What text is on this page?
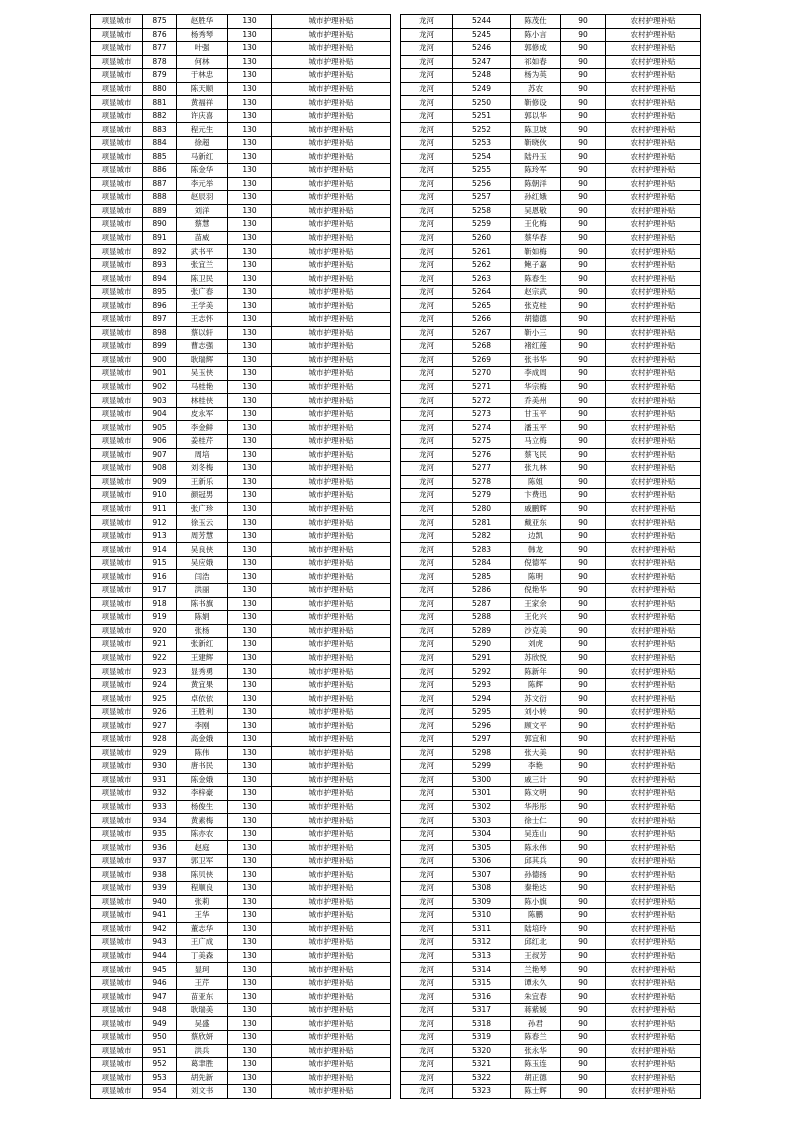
项显城市	875	赵胜华	130	城市护理补贴
项显城市	876	杨秀琴	130	城市护理补贴
项显城市	877	叶强	130	城市护理补贴
项显城市	878	何林	130	城市护理补贴
项显城市	879	于林忠	130	城市护理补贴
项显城市	880	陈天顺	130	城市护理补贴
项显城市	881	黄福祥	130	城市护理补贴
项显城市	882	许庆喜	130	城市护理补贴
项显城市	883	程元生	130	城市护理补贴
项显城市	884	徐超	130	城市护理补贴
项显城市	885	马新红	130	城市护理补贴
项显城市	886	陈金华	130	城市护理补贴
项显城市	887	李元举	130	城市护理补贴
项显城市	888	赵辰羽	130	城市护理补贴
项显城市	889	刘洋	130	城市护理补贴
项显城市	890	蔡慧	130	城市护理补贴
项显城市	891	苗威	130	城市护理补贴
项显城市	892	武书平	130	城市护理补贴
项显城市	893	张宜兰	130	城市护理补贴
项显城市	894	陈卫民	130	城市护理补贴
项显城市	895	张广春	130	城市护理补贴
项显城市	896	王学美	130	城市护理补贴
项显城市	897	王志怀	130	城市护理补贴
项显城市	898	蔡以轩	130	城市护理补贴
项显城市	899	曹志强	130	城市护理补贴
项显城市	900	耿瑞辉	130	城市护理补贴
项显城市	901	吴玉侠	130	城市护理补贴
项显城市	902	马桂艳	130	城市护理补贴
项显城市	903	林桂侠	130	城市护理补贴
项显城市	904	皮永军	130	城市护理补贴
项显城市	905	李金鲜	130	城市护理补贴
项显城市	906	姜桂芹	130	城市护理补贴
项显城市	907	周培	130	城市护理补贴
项显城市	908	刘冬梅	130	城市护理补贴
项显城市	909	王新乐	130	城市护理补贴
项显城市	910	颜冠男	130	城市护理补贴
项显城市	911	张广珍	130	城市护理补贴
项显城市	912	徐玉云	130	城市护理补贴
项显城市	913	周芳慧	130	城市护理补贴
项显城市	914	吴良侠	130	城市护理补贴
项显城市	915	吴应娥	130	城市护理补贴
项显城市	916	闫浩	130	城市护理补贴
项显城市	917	洪丽	130	城市护理补贴
项显城市	918	陈书旗	130	城市护理补贴
项显城市	919	陈娟	130	城市护理补贴
项显城市	920	张杨	130	城市护理补贴
项显城市	921	张新红	130	城市护理补贴
项显城市	922	王建辉	130	城市护理补贴
项显城市	923	显秀勇	130	城市护理补贴
项显城市	924	黄宜果	130	城市护理补贴
项显城市	925	卓依依	130	城市护理补贴
项显城市	926	王胜利	130	城市护理补贴
项显城市	927	李刚	130	城市护理补贴
项显城市	928	高金娥	130	城市护理补贴
项显城市	929	陈伟	130	城市护理补贴
项显城市	930	唐书民	130	城市护理补贴
项显城市	931	陈金娥	130	城市护理补贴
项显城市	932	李梓豪	130	城市护理补贴
项显城市	933	杨俊生	130	城市护理补贴
项显城市	934	黄素梅	130	城市护理补贴
项显城市	935	陈亦农	130	城市护理补贴
项显城市	936	赵庭	130	城市护理补贴
项显城市	937	郭卫军	130	城市护理补贴
项显城市	938	陈贝侠	130	城市护理补贴
项显城市	939	程顺良	130	城市护理补贴
项显城市	940	张莉	130	城市护理补贴
项显城市	941	王华	130	城市护理补贴
项显城市	942	董志华	130	城市护理补贴
项显城市	943	王广成	130	城市护理补贴
项显城市	944	丁美森	130	城市护理补贴
项显城市	945	显珂	130	城市护理补贴
项显城市	946	王芹	130	城市护理补贴
项显城市	947	苗亚东	130	城市护理补贴
项显城市	948	耿瑞美	130	城市护理补贴
项显城市	949	吴盛	130	城市护理补贴
项显城市	950	蔡欣妍	130	城市护理补贴
项显城市	951	洪兵	130	城市护理补贴
项显城市	952	葛聿胜	130	城市护理补贴
项显城市	953	胡先新	130	城市护理补贴
项显城市	954	刘文书	130	城市护理补贴
龙河	5244	陈茂仕	90	农村护理补贴
龙河	5245	陈小言	90	农村护理补贴
龙河	5246	郭修成	90	农村护理补贴
龙河	5247	祁如春	90	农村护理补贴
龙河	5248	杨为英	90	农村护理补贴
龙河	5249	苏农	90	农村护理补贴
龙河	5250	靳修设	90	农村护理补贴
龙河	5251	郭以华	90	农村护理补贴
龙河	5252	陈卫坡	90	农村护理补贴
龙河	5253	靳晓伙	90	农村护理补贴
龙河	5254	陆丹玉	90	农村护理补贴
龙河	5255	陈玲军	90	农村护理补贴
龙河	5256	陈朝洋	90	农村护理补贴
龙河	5257	孙红娥	90	农村护理补贴
龙河	5258	吴恩敬	90	农村护理补贴
龙河	5259	王化梅	90	农村护理补贴
龙河	5260	蔡华春	90	农村护理补贴
龙河	5261	靳如梅	90	农村护理补贴
龙河	5262	鲍子嘉	90	农村护理补贴
龙河	5263	陈春生	90	农村护理补贴
龙河	5264	赵宗武	90	农村护理补贴
龙河	5265	张克桂	90	农村护理补贴
龙河	5266	胡德德	90	农村护理补贴
龙河	5267	靳小三	90	农村护理补贴
龙河	5268	褚红莲	90	农村护理补贴
龙河	5269	张书华	90	农村护理补贴
龙河	5270	李成周	90	农村护理补贴
龙河	5271	华宗梅	90	农村护理补贴
龙河	5272	乔美州	90	农村护理补贴
龙河	5273	甘玉平	90	农村护理补贴
龙河	5274	潘玉平	90	农村护理补贴
龙河	5275	马立梅	90	农村护理补贴
龙河	5276	蔡飞民	90	农村护理补贴
龙河	5277	张九林	90	农村护理补贴
龙河	5278	陈姐	90	农村护理补贴
龙河	5279	卞费迅	90	农村护理补贴
龙河	5280	戚鹏辉	90	农村护理补贴
龙河	5281	戴亚东	90	农村护理补贴
龙河	5282	边凯	90	农村护理补贴
龙河	5283	韩龙	90	农村护理补贴
龙河	5284	倪德军	90	农村护理补贴
龙河	5285	陈明	90	农村护理补贴
龙河	5286	倪艳华	90	农村护理补贴
龙河	5287	王家余	90	农村护理补贴
龙河	5288	王化兴	90	农村护理补贴
龙河	5289	沙克美	90	农村护理补贴
龙河	5290	刘虎	90	农村护理补贴
龙河	5291	苏欣悦	90	农村护理补贴
龙河	5292	陈新年	90	农村护理补贴
龙河	5293	陈辉	90	农村护理补贴
龙河	5294	苏文衍	90	农村护理补贴
龙河	5295	刘小转	90	农村护理补贴
龙河	5296	顾文平	90	农村护理补贴
龙河	5297	郭宜和	90	农村护理补贴
龙河	5298	张大美	90	农村护理补贴
龙河	5299	李艳	90	农村护理补贴
龙河	5300	戚三计	90	农村护理补贴
龙河	5301	陈文明	90	农村护理补贴
龙河	5302	华彤彤	90	农村护理补贴
龙河	5303	徐士仁	90	农村护理补贴
龙河	5304	吴连山	90	农村护理补贴
龙河	5305	陈永伟	90	农村护理补贴
龙河	5306	邱其兵	90	农村护理补贴
龙河	5307	孙德扬	90	农村护理补贴
龙河	5308	秦艳达	90	农村护理补贴
龙河	5309	陈小旗	90	农村护理补贴
龙河	5310	陈鹏	90	农村护理补贴
龙河	5311	陆培玲	90	农村护理补贴
龙河	5312	邱红北	90	农村护理补贴
龙河	5313	王叔芳	90	农村护理补贴
龙河	5314	兰艳琴	90	农村护理补贴
龙河	5315	谭永久	90	农村护理补贴
龙河	5316	朱宜春	90	农村护理补贴
龙河	5317	蒋紫媛	90	农村护理补贴
龙河	5318	孙君	90	农村护理补贴
龙河	5319	陈春兰	90	农村护理补贴
龙河	5320	张永华	90	农村护理补贴
龙河	5321	陈玉连	90	农村护理补贴
龙河	5322	胡正德	90	农村护理补贴
龙河	5323	陈士辉	90	农村护理补贴
